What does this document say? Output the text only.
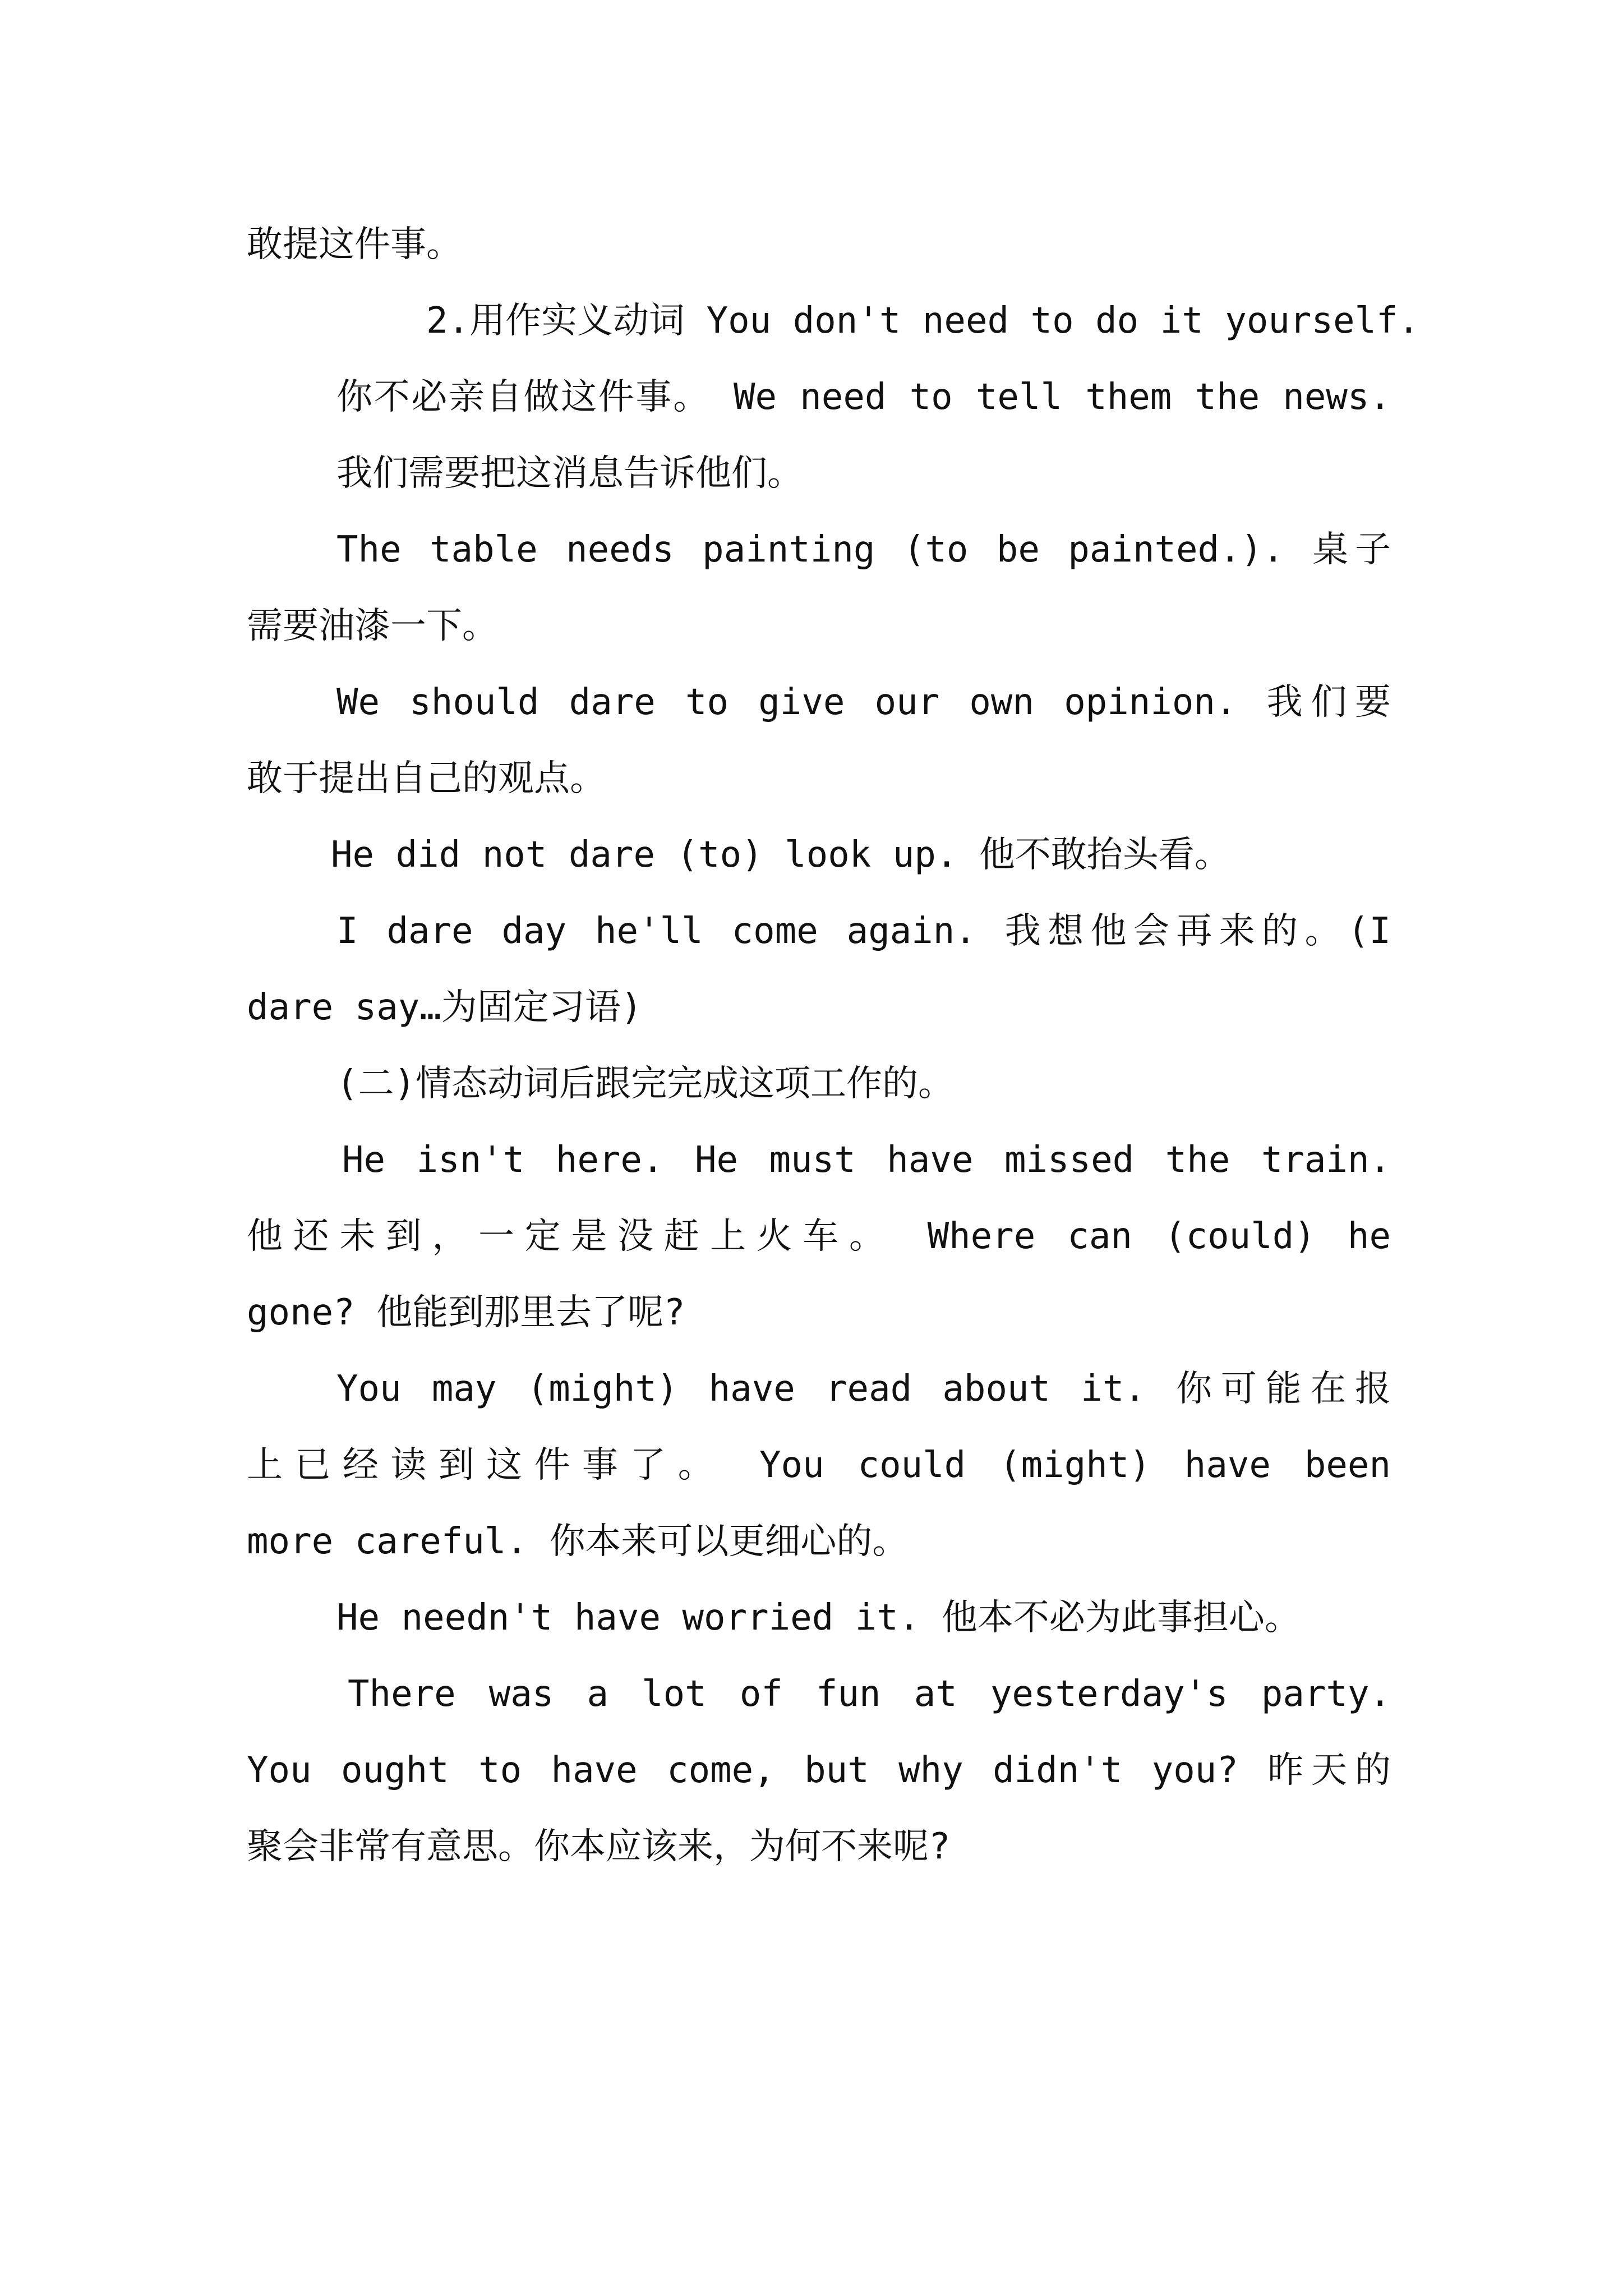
敢提这件事。

2.用作实义动词 You don't need to do it yourself.
你不必亲自做这件事。 We need to tell them the news.
我们需要把这消息告诉他们。

The table needs painting (to be painted.). 桌子
需要油漆一下。

We should dare to give our own opinion. 我们要
敢于提出自己的观点。

He did not dare (to) look up. 他不敢抬头看。

I dare day he'll come again. 我想他会再来的。(I
dare say…为固定习语)

(二)情态动词后跟完完成这项工作的。

He isn't here. He must have missed the train.
他还未到，一定是没赶上火车。 Where can (could) he
gone? 他能到那里去了呢?

You may (might) have read about it. 你可能在报
上已经读到这件事了。 You could (might) have been
more careful. 你本来可以更细心的。

He needn't have worried it. 他本不必为此事担心。

There was a lot of fun at yesterday's party.
You ought to have come, but why didn't you? 昨天的
聚会非常有意思。你本应该来，为何不来呢?
